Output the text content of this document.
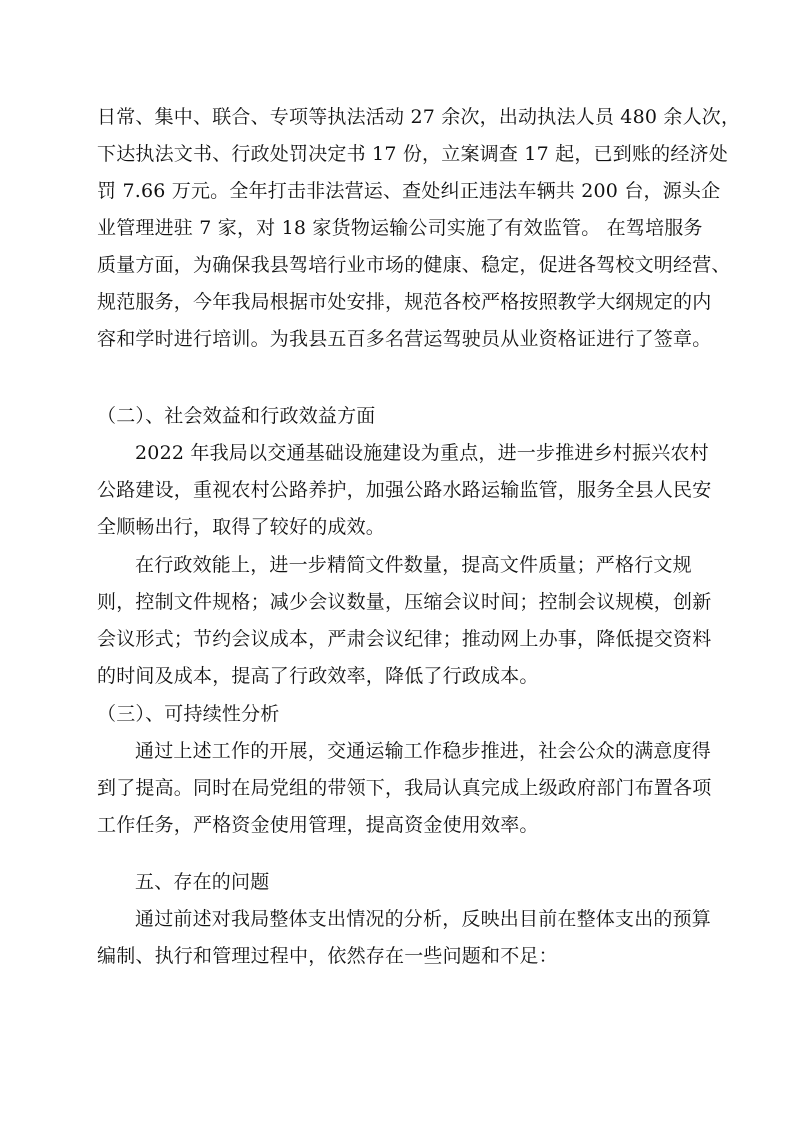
日常、集中、联合、专项等执法活动 27 余次，出动执法人员 480 余人次，
下达执法文书、行政处罚决定书 17 份，立案调查 17 起，已到账的经济处
罚 7.66 万元。全年打击非法营运、查处纠正违法车辆共 200 台，源头企
业管理进驻 7 家，对 18 家货物运输公司实施了有效监管。 在驾培服务
质量方面，为确保我县驾培行业市场的健康、稳定，促进各驾校文明经营、
规范服务，今年我局根据市处安排，规范各校严格按照教学大纲规定的内
容和学时进行培训。为我县五百多名营运驾驶员从业资格证进行了签章。
（二）、社会效益和行政效益方面
2022 年我局以交通基础设施建设为重点，进一步推进乡村振兴农村
公路建设，重视农村公路养护，加强公路水路运输监管，服务全县人民安
全顺畅出行，取得了较好的成效。
在行政效能上，进一步精简文件数量，提高文件质量；严格行文规
则，控制文件规格；减少会议数量，压缩会议时间；控制会议规模，创新
会议形式；节约会议成本，严肃会议纪律；推动网上办事，降低提交资料
的时间及成本，提高了行政效率，降低了行政成本。
（三）、可持续性分析
通过上述工作的开展，交通运输工作稳步推进，社会公众的满意度得
到了提高。同时在局党组的带领下，我局认真完成上级政府部门布置各项
工作任务，严格资金使用管理，提高资金使用效率。
五、存在的问题
通过前述对我局整体支出情况的分析，反映出目前在整体支出的预算
编制、执行和管理过程中，依然存在一些问题和不足：
